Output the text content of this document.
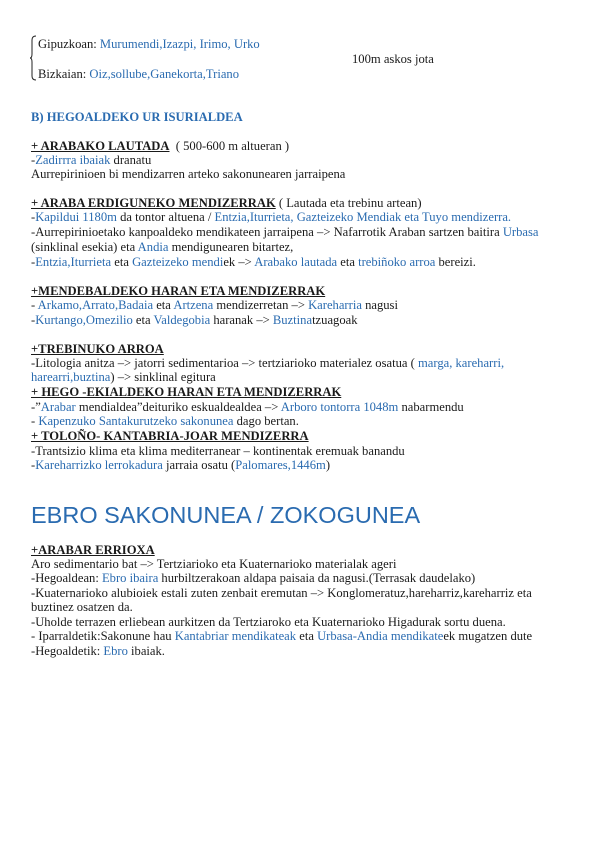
Gipuzkoan: Murumendi,Izazpi, Irimo, Urko
100m askos jota
Bizkaian: Oiz,sollube,Ganekorta,Triano
B) HEGOALDEKO UR ISURIALDEA
+ ARABAKO LAUTADA ( 500-600 m altueran )
-Zadirrra ibaiak dranatu
Aurrepirinioen bi mendizarren arteko sakonunearen jarraipena
+ ARABA ERDIGUNEKO MENDIZERRAK ( Lautada eta trebinu artean)
-Kapildui 1180m da tontor altuena / Entzia,Iturrieta, Gazteizeko Mendiak eta Tuyo mendizerra.
-Aurrepirinioetako kanpoaldeko mendikateen jarraipena –> Nafarrotik Araban sartzen baitira Urbasa
(sinklinal esekia) eta Andia mendigunearen bitartez,
-Entzia,Iturrieta eta Gazteizeko mendiek –> Arabako lautada eta trebiñoko arroa bereizi.
+MENDEBALDEKO HARAN ETA MENDIZERRAK
- Arkamo,Arrato,Badaia eta Artzena mendizerretan –> Kareharria nagusi
-Kurtango,Omezilio eta Valdegobia haranak –> Buztinatzuagoak
+TREBINUKO ARROA
-Litologia anitza –> jatorri sedimentarioa –> tertziarioko materialez osatua ( marga, kareharri,
harearri,buztina) –> sinklinal egitura
+ HEGO -EKIALDEKO HARAN ETA MENDIZERRAK
-”Arabar mendialdea”deituriko eskualdealdea –> Arboro tontorra 1048m nabarmendu
- Kapenzuko Santakurutzeko sakonunea dago bertan.
+ TOLOÑO- KANTABRIA-JOAR MENDIZERRA
-Trantsizio klima eta klima mediterranear – kontinentak eremuak banandu
-Kareharrizko lerrokadura jarraia osatu (Palomares,1446m)
EBRO SAKONUNEA / ZOKOGUNEA
+ARABAR ERRIOXA
Aro sedimentario bat –> Tertziarioko eta Kuaternarioko materialak ageri
-Hegoaldean: Ebro ibaira hurbiltzerakoan aldapa paisaia da nagusi.(Terrasak daudelako)
-Kuaternarioko alubioiek estali zuten zenbait eremutan –> Konglomeratuz,hareharriz,kareharriz eta
buztinez osatzen da.
-Uholde terrazen erliebean aurkitzen da Tertziaroko eta Kuaternarioko Higadurak sortu duena.
- Iparraldetik:Sakonune hau Kantabriar mendikateak eta Urbasa-Andia mendikateek mugatzen dute
-Hegoaldetik: Ebro ibaiak.
